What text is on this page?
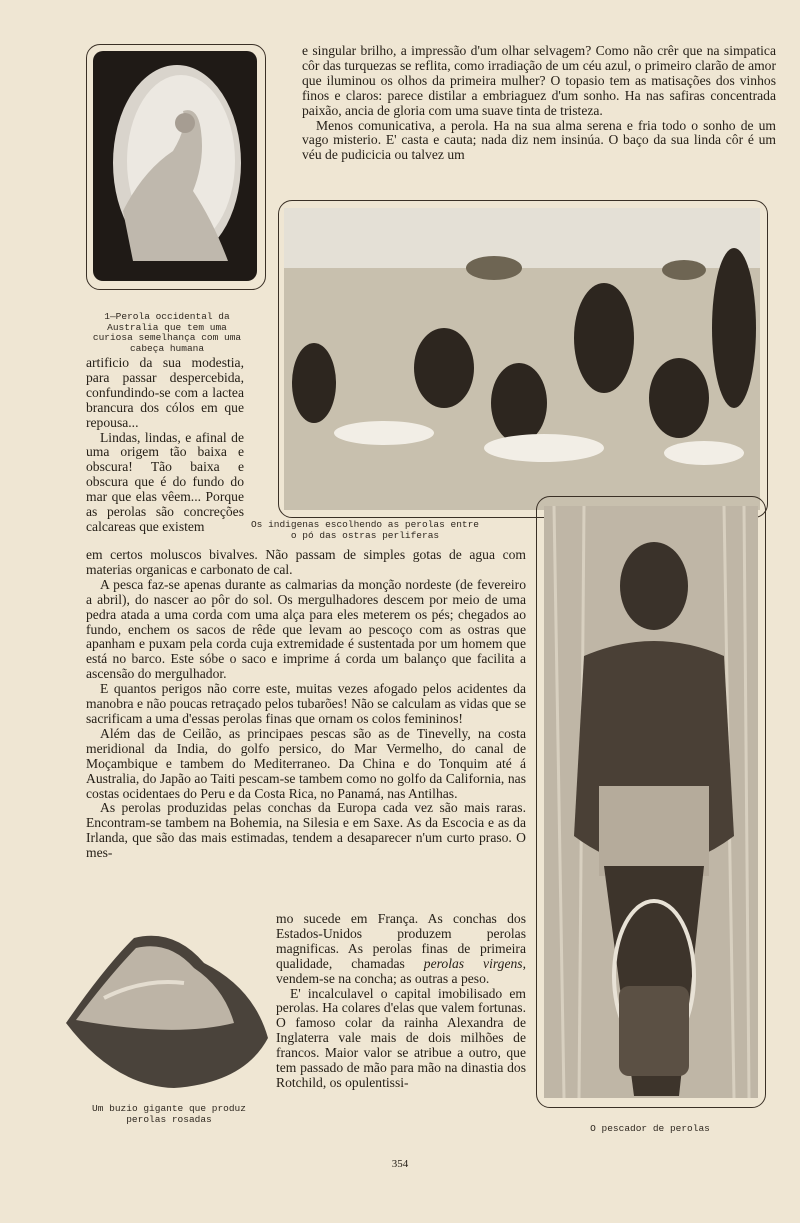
1—Perola occidental da Australia que tem uma curiosa semelhança com uma cabeça humana
Os indigenas escolhendo as perolas entre o pó das ostras perliferas
Um buzio gigante que produz perolas rosadas
O pescador de perolas

e singular brilho, a impressão d'um olhar selvagem? Como não crêr que na simpatica côr das turquezas se reflita, como irradiação de um céu azul, o primeiro clarão de amor que iluminou os olhos da primeira mulher? O topasio tem as matisações dos vinhos finos e claros: parece distilar a embriaguez d'um sonho. Ha nas safiras concentrada paixão, ancia de gloria com uma suave tinta de tristeza.

Menos comunicativa, a perola. Ha na sua alma serena e fria todo o sonho de um vago misterio. E' casta e cauta; nada diz nem insinúa. O baço da sua linda côr é um véu de pudicicia ou talvez um

artificio da sua modestia, para passar despercebida, confundindo-se com a lactea brancura dos cólos em que repousa...

Lindas, lindas, e afinal de uma origem tão baixa e obscura! Tão baixa e obscura que é do fundo do mar que elas vêem... Porque as perolas são concreções calcareas que existem

em certos moluscos bivalves. Não passam de simples gotas de agua com materias organicas e carbonato de cal.

A pesca faz-se apenas durante as calmarias da monção nordeste (de fevereiro a abril), do nascer ao pôr do sol. Os mergulhadores descem por meio de uma pedra atada a uma corda com uma alça para eles meterem os pés; chegados ao fundo, enchem os sacos de rêde que levam ao pescoço com as ostras que apanham e puxam pela corda cuja extremidade é sustentada por um homem que está no barco. Este sóbe o saco e imprime á corda um balanço que facilita a ascensão do mergulhador.

E quantos perigos não corre este, muitas vezes afogado pelos acidentes da manobra e não poucas retraçado pelos tubarões! Não se calculam as vidas que se sacrificam a uma d'essas perolas finas que ornam os colos femininos!

Além das de Ceilão, as principaes pescas são as de Tinevelly, na costa meridional da India, do golfo persico, do Mar Vermelho, do canal de Moçambique e tambem do Mediterraneo. Da China e do Tonquim até á Australia, do Japão ao Taiti pescam-se tambem como no golfo da California, nas costas ocidentaes do Peru e da Costa Rica, no Panamá, nas Antilhas.

As perolas produzidas pelas conchas da Europa cada vez são mais raras. Encontram-se tambem na Bohemia, na Silesia e em Saxe. As da Escocia e as da Irlanda, que são das mais estimadas, tendem a desaparecer n'um curto praso. O mes-

mo sucede em França. As conchas dos Estados-Unidos produzem perolas magnificas. As perolas finas de primeira qualidade, chamadas perolas virgens, vendem-se na concha; as outras a peso.

E' incalculavel o capital imobilisado em perolas. Ha colares d'elas que valem fortunas. O famoso colar da rainha Alexandra de Inglaterra vale mais de dois milhões de francos. Maior valor se atribue a outro, que tem passado de mão para mão na dinastia dos Rotchild, os opulentissi-

354
